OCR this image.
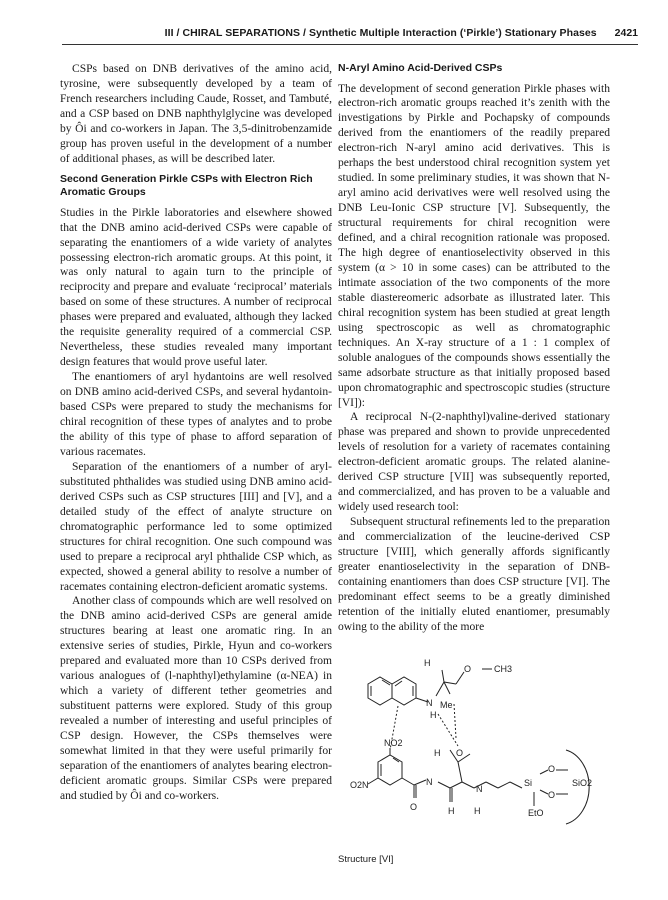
III / CHIRAL SEPARATIONS / Synthetic Multiple Interaction (‘Pirkle’) Stationary Phases 2421

CSPs based on DNB derivatives of the amino acid, tyrosine, were subsequently developed by a team of French researchers including Caude, Rosset, and Tambuté, and a CSP based on DNB naphthylglycine was developed by Ôi and co-workers in Japan. The 3,5-dinitrobenzamide group has proven useful in the development of a number of additional phases, as will be described later.

Second Generation Pirkle CSPs with Electron Rich Aromatic Groups

Studies in the Pirkle laboratories and elsewhere showed that the DNB amino acid-derived CSPs were capable of separating the enantiomers of a wide variety of analytes possessing electron-rich aromatic groups. At this point, it was only natural to again turn to the principle of reciprocity and prepare and evaluate ‘reciprocal’ materials based on some of these structures. A number of reciprocal phases were prepared and evaluated, although they lacked the requisite generality required of a commercial CSP. Nevertheless, these studies revealed many important design features that would prove useful later.

The enantiomers of aryl hydantoins are well resolved on DNB amino acid-derived CSPs, and several hydantoin-based CSPs were prepared to study the mechanisms for chiral recognition of these types of analytes and to probe the ability of this type of phase to afford separation of various racemates.

Separation of the enantiomers of a number of aryl-substituted phthalides was studied using DNB amino acid-derived CSPs such as CSP structures [III] and [V], and a detailed study of the effect of analyte structure on chromatographic performance led to some optimized structures for chiral recognition. One such compound was used to prepare a reciprocal aryl phthalide CSP which, as expected, showed a general ability to resolve a number of racemates containing electron-deficient aromatic systems.

Another class of compounds which are well resolved on the DNB amino acid-derived CSPs are general amide structures bearing at least one aromatic ring. In an extensive series of studies, Pirkle, Hyun and co-workers prepared and evaluated more than 10 CSPs derived from various analogues of (l-naphthyl)ethylamine (α-NEA) in which a variety of different tether geometries and substituent patterns were explored. Study of this group revealed a number of interesting and useful principles of CSP design. However, the CSPs themselves were somewhat limited in that they were useful primarily for separation of the enantiomers of analytes bearing electron-deficient aromatic groups. Similar CSPs were prepared and studied by Ôi and co-workers.

N-Aryl Amino Acid-Derived CSPs

The development of second generation Pirkle phases with electron-rich aromatic groups reached it’s zenith with the investigations by Pirkle and Pochapsky of compounds derived from the enantiomers of the readily prepared electron-rich N-aryl amino acid derivatives. This is perhaps the best understood chiral recognition system yet studied. In some preliminary studies, it was shown that N-aryl amino acid derivatives were well resolved using the DNB Leu-Ionic CSP structure [V]. Subsequently, the structural requirements for chiral recognition were defined, and a chiral recognition rationale was proposed. The high degree of enantioselectivity observed in this system (α > 10 in some cases) can be attributed to the intimate association of the two components of the more stable diastereomeric adsorbate as illustrated later. This chiral recognition system has been studied at great length using spectroscopic as well as chromatographic techniques. An X-ray structure of a 1 : 1 complex of soluble analogues of the compounds shows essentially the same adsorbate structure as that initially proposed based upon chromatographic and spectroscopic studies (structure [VI]):

A reciprocal N-(2-naphthyl)valine-derived stationary phase was prepared and shown to provide unprecedented levels of resolution for a variety of racemates containing electron-deficient aromatic groups. The related alanine-derived CSP structure [VII] was subsequently reported, and commercialized, and has proven to be a valuable and widely used research tool:

Subsequent structural refinements led to the preparation and commercialization of the leucine-derived CSP structure [VIII], which generally affords significantly greater enantioselectivity in the separation of DNB-containing enantiomers than does CSP structure [VI]. The predominant effect seems to be a greatly diminished retention of the initially eluted enantiomer, presumably owing to the ability of the more

H
O	CH3
N Me
H
NO2
H O
O2N	N
N
Si	SiO2
O
O
EtO
O	H H
Structure [VI]
